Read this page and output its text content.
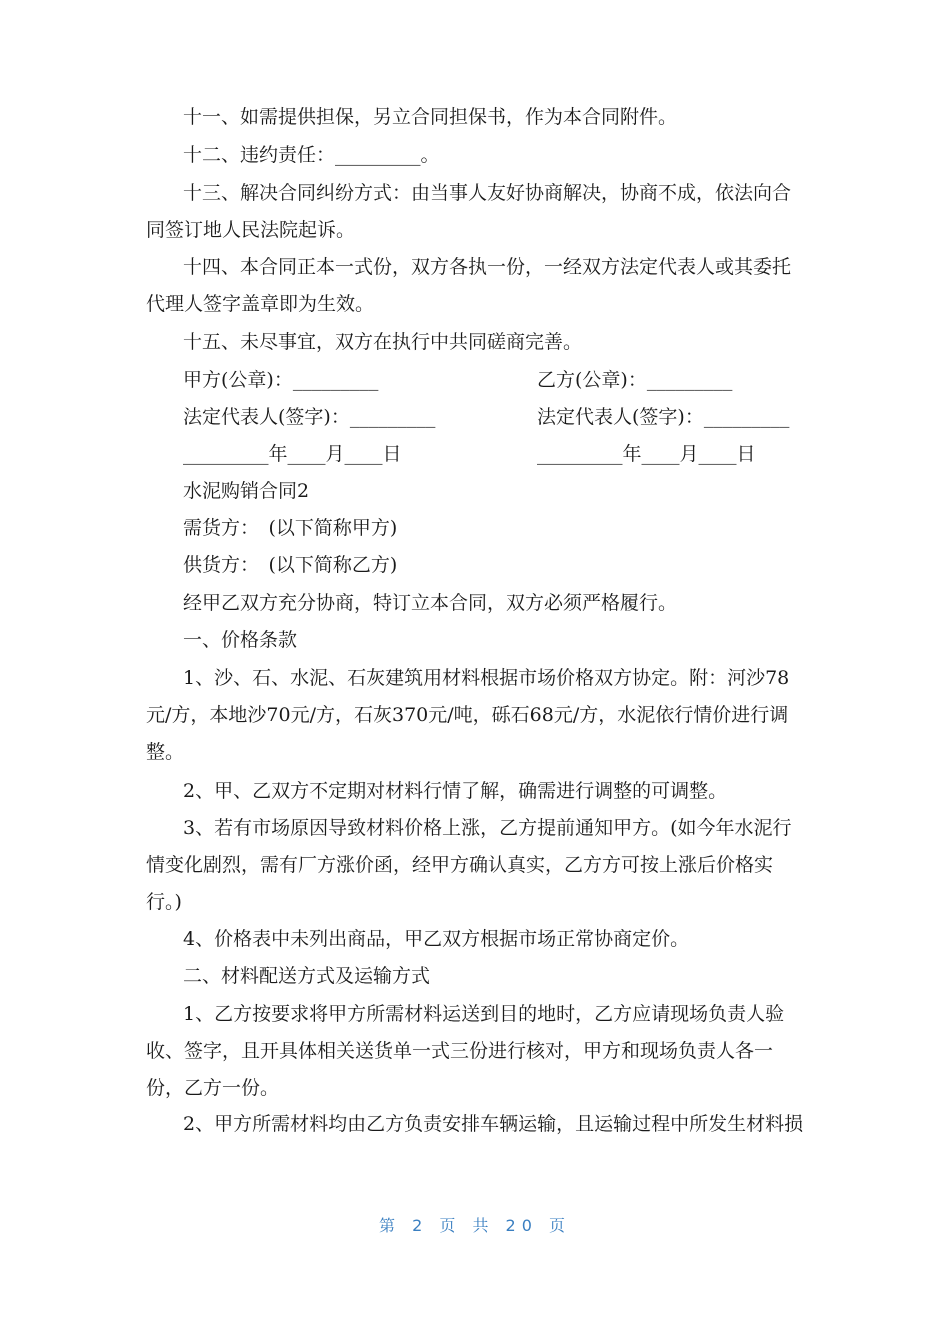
十一、如需提供担保，另立合同担保书，作为本合同附件。
十二、违约责任：_________。
十三、解决合同纠纷方式：由当事人友好协商解决，协商不成，依法向合同签订地人民法院起诉。
十四、本合同正本一式份，双方各执一份，一经双方法定代表人或其委托代理人签字盖章即为生效。
十五、未尽事宜，双方在执行中共同磋商完善。
甲方(公章)：_________	乙方(公章)：_________
法定代表人(签字)：_________	法定代表人(签字)：_________
_________年____月____日	_________年____月____日
水泥购销合同2
需货方：　(以下简称甲方)
供货方：　(以下简称乙方)
经甲乙双方充分协商，特订立本合同，双方必须严格履行。
一、价格条款
1、沙、石、水泥、石灰建筑用材料根据市场价格双方协定。附：河沙78元/方，本地沙70元/方，石灰370元/吨，砾石68元/方，水泥依行情价进行调整。
2、甲、乙双方不定期对材料行情了解，确需进行调整的可调整。
3、若有市场原因导致材料价格上涨，乙方提前通知甲方。(如今年水泥行情变化剧烈，需有厂方涨价函，经甲方确认真实，乙方方可按上涨后价格实行。)
4、价格表中未列出商品，甲乙双方根据市场正常协商定价。
二、材料配送方式及运输方式
1、乙方按要求将甲方所需材料运送到目的地时，乙方应请现场负责人验收、签字，且开具体相关送货单一式三份进行核对，甲方和现场负责人各一份，乙方一份。
2、甲方所需材料均由乙方负责安排车辆运输，且运输过程中所发生材料损
第 2 页 共 20 页
